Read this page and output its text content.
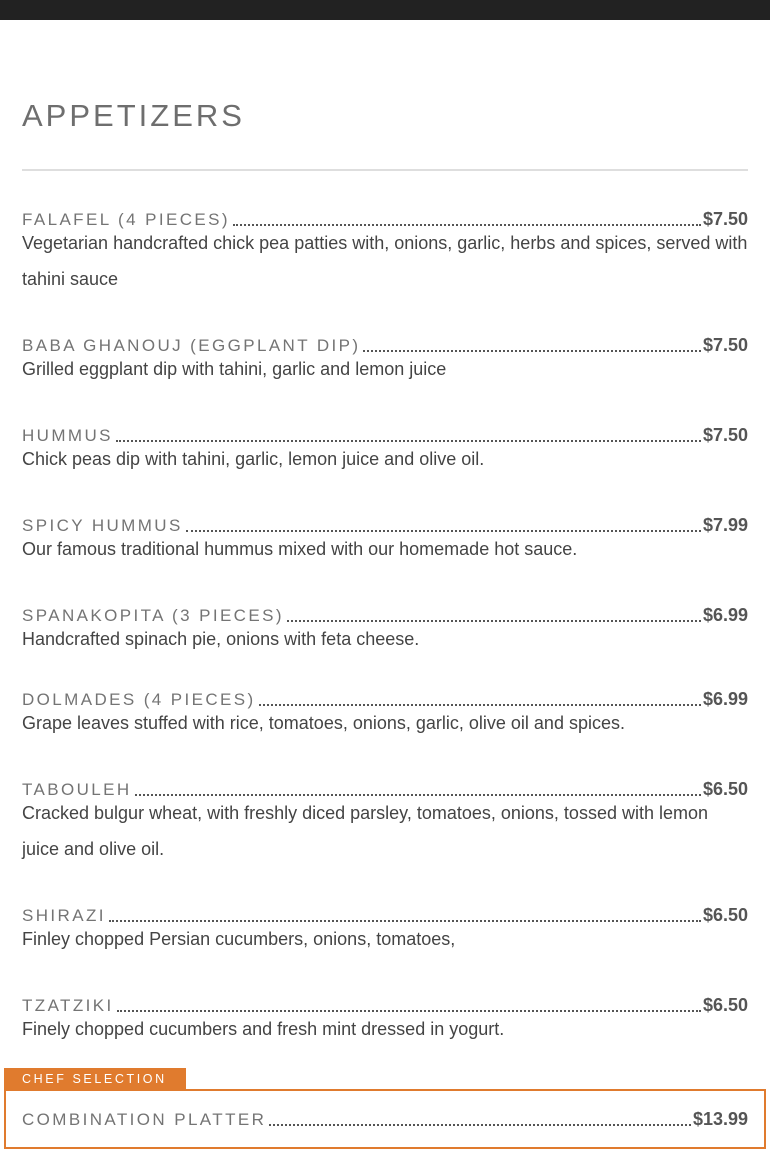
APPETIZERS
FALAFEL (4 PIECES)	$7.50
Vegetarian handcrafted chick pea patties with, onions, garlic, herbs and spices, served with tahini sauce
BABA GHANOUJ (EGGPLANT DIP)	$7.50
Grilled eggplant dip with tahini, garlic and lemon juice
HUMMUS	$7.50
Chick peas dip with tahini, garlic, lemon juice and olive oil.
SPICY HUMMUS	$7.99
Our famous traditional hummus mixed with our homemade hot sauce.
SPANAKOPITA (3 PIECES)	$6.99
Handcrafted spinach pie, onions with feta cheese.
DOLMADES (4 PIECES)	$6.99
Grape leaves stuffed with rice, tomatoes, onions, garlic, olive oil and spices.
TABOULEH	$6.50
Cracked bulgur wheat, with freshly diced parsley, tomatoes, onions, tossed with lemon juice and olive oil.
SHIRAZI	$6.50
Finley chopped Persian cucumbers, onions, tomatoes,
TZATZIKI	$6.50
Finely chopped cucumbers and fresh mint dressed in yogurt.
CHEF SELECTION
COMBINATION PLATTER	$13.99
